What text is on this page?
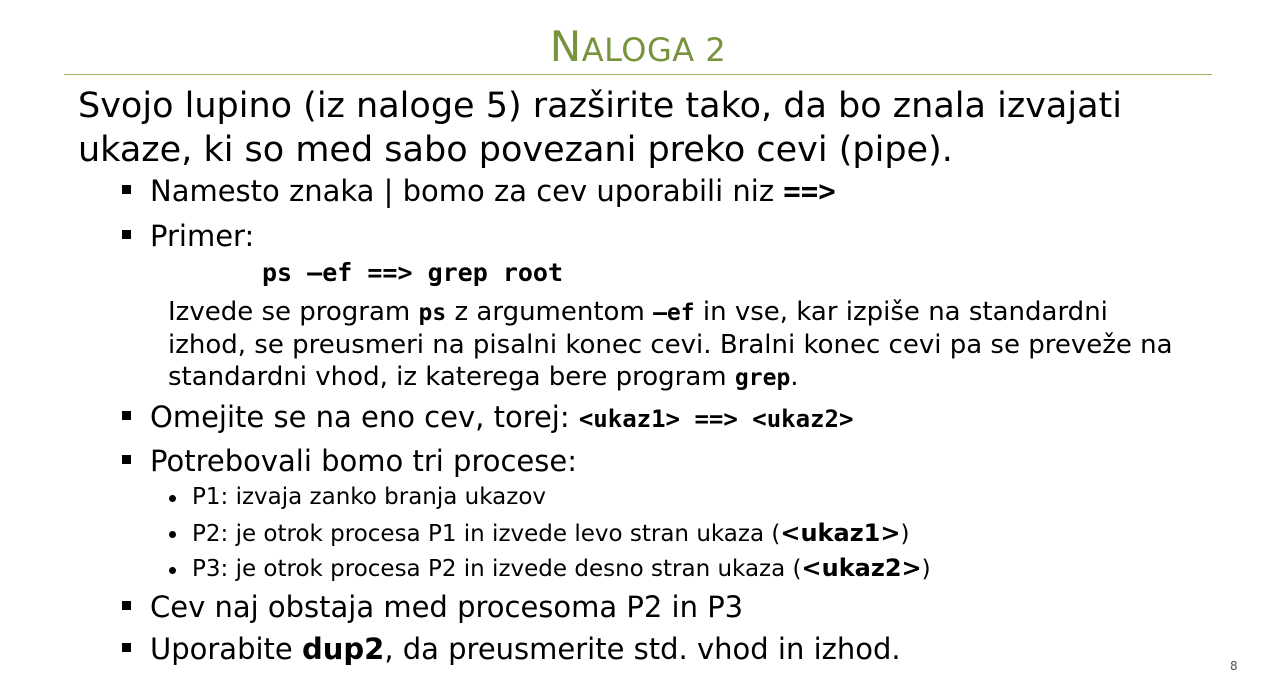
NALOGA 2
Svojo lupino (iz naloge 5) razširite tako, da bo znala izvajati
ukaze, ki so med sabo povezani preko cevi (pipe).
Namesto znaka | bomo za cev uporabili niz ==>
Primer:
ps –ef ==> grep root
Izvede se program ps z argumentom –ef in vse, kar izpiše na standardni
izhod, se preusmeri na pisalni konec cevi. Bralni konec cevi pa se preveže na
standardni vhod, iz katerega bere program grep.
Omejite se na eno cev, torej: <ukaz1> ==> <ukaz2>
Potrebovali bomo tri procese:
P1: izvaja zanko branja ukazov
P2: je otrok procesa P1 in izvede levo stran ukaza (<ukaz1>)
P3: je otrok procesa P2 in izvede desno stran ukaza (<ukaz2>)
Cev naj obstaja med procesoma P2 in P3
Uporabite dup2, da preusmerite std. vhod in izhod.	8
